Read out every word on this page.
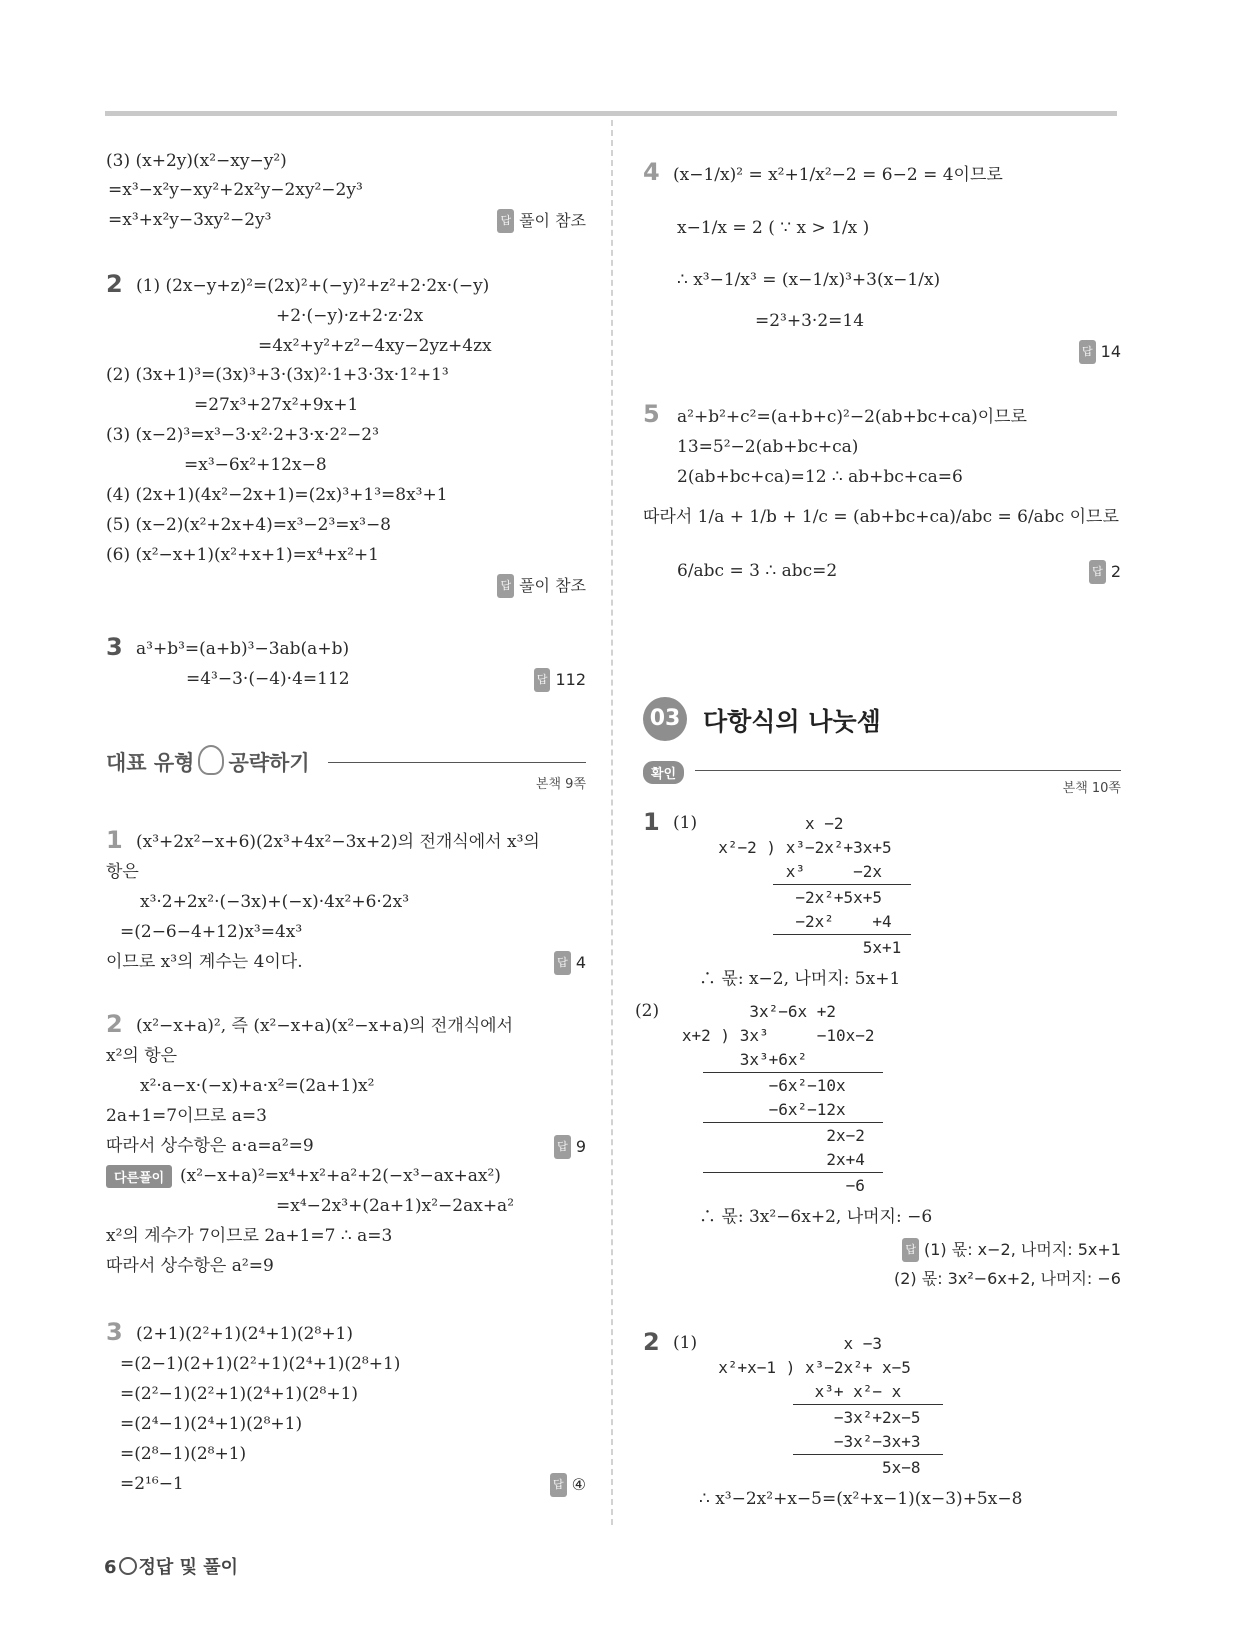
(3) (x+2y)(x²−xy−y²)
=x³−x²y−xy²+2x²y−2xy²−2y³
=x³+x²y−3xy²−2y³	답 풀이 참조
2 (1) (2x−y+z)²=(2x)²+(−y)²+z²+2·2x·(−y)
+2·(−y)·z+2·z·2x
=4x²+y²+z²−4xy−2yz+4zx
(2) (3x+1)³=(3x)³+3·(3x)²·1+3·3x·1²+1³
=27x³+27x²+9x+1
(3) (x−2)³=x³−3·x²·2+3·x·2²−2³
=x³−6x²+12x−8
(4) (2x+1)(4x²−2x+1)=(2x)³+1³=8x³+1
(5) (x−2)(x²+2x+4)=x³−2³=x³−8
(6) (x²−x+1)(x²+x+1)=x⁴+x²+1
답 풀이 참조
3 a³+b³=(a+b)³−3ab(a+b)
=4³−3·(−4)·4=112	답 112
대표 유형 공략하기
본책 9쪽
1 (x³+2x²−x+6)(2x³+4x²−3x+2)의 전개식에서 x³의
항은
x³·2+2x²·(−3x)+(−x)·4x²+6·2x³
=(2−6−4+12)x³=4x³
이므로 x³의 계수는 4이다.	답 4
2 (x²−x+a)², 즉 (x²−x+a)(x²−x+a)의 전개식에서
x²의 항은
x²·a−x·(−x)+a·x²=(2a+1)x²
2a+1=7이므로 a=3
따라서 상수항은 a·a=a²=9	답 9
다른풀이 (x²−x+a)²=x⁴+x²+a²+2(−x³−ax+ax²)
=x⁴−2x³+(2a+1)x²−2ax+a²
x²의 계수가 7이므로 2a+1=7 ∴ a=3
따라서 상수항은 a²=9
3 (2+1)(2²+1)(2⁴+1)(2⁸+1)
=(2−1)(2+1)(2²+1)(2⁴+1)(2⁸+1)
=(2²−1)(2²+1)(2⁴+1)(2⁸+1)
=(2⁴−1)(2⁴+1)(2⁸+1)
=(2⁸−1)(2⁸+1)
=2¹⁶−1	답 ④
4 (x−1/x)² = x²+1/x²−2 = 6−2 = 4이므로
x−1/x = 2 ( ∵ x > 1/x )
∴ x³−1/x³ = (x−1/x)³+3(x−1/x)
=2³+3·2=14
답 14
5 a²+b²+c²=(a+b+c)²−2(ab+bc+ca)이므로
13=5²−2(ab+bc+ca)
2(ab+bc+ca)=12 ∴ ab+bc+ca=6
따라서 1/a + 1/b + 1/c = (ab+bc+ca)/abc = 6/abc 이므로
6/abc = 3 ∴ abc=2	답 2
03 다항식의 나눗셈
확인
본책 10쪽
1 (1) x −2
x²−2 ) x³−2x²+3x+5
x³     −2x
−2x²+5x+5
−2x²    +4
5x+1
∴ 몫: x−2, 나머지: 5x+1
(2)
3x²−6x +2
x+2 ) 3x³     −10x−2
3x³+6x²
−6x²−10x
−6x²−12x
2x−2
2x+4
−6
∴ 몫: 3x²−6x+2, 나머지: −6
답 (1) 몫: x−2, 나머지: 5x+1
(2) 몫: 3x²−6x+2, 나머지: −6
2 (1) x −3
x²+x−1 ) x³−2x²+ x−5
x³+ x²− x
−3x²+2x−5
−3x²−3x+3
5x−8
∴ x³−2x²+x−5=(x²+x−1)(x−3)+5x−8
6 정답 및 풀이
